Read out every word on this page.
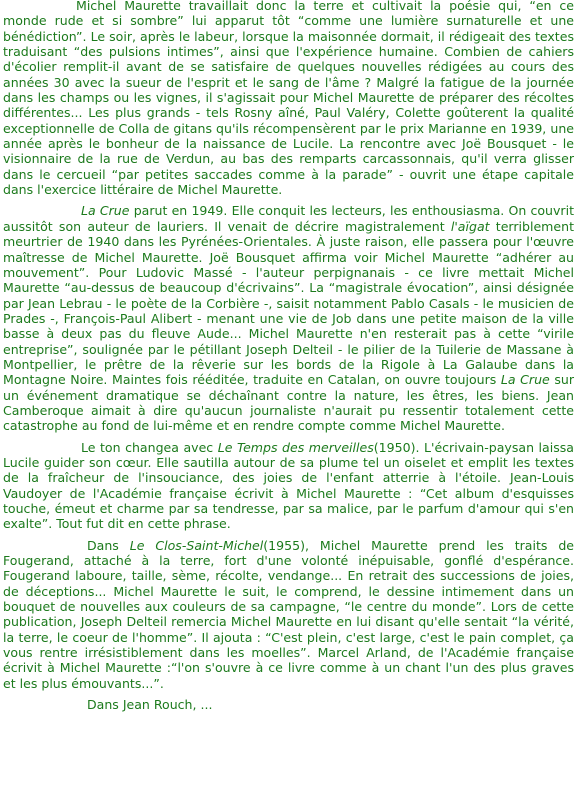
Michel Maurette travaillait donc la terre et cultivait la poésie qui, “en ce monde rude et si sombre” lui apparut tôt “comme une lumière surnaturelle et une bénédiction”. Le soir, après le labeur, lorsque la maisonnée dormait, il rédigeait des textes traduisant “des pulsions intimes”, ainsi que l'expérience humaine. Combien de cahiers d'écolier remplit-il avant de se satisfaire de quelques nouvelles rédigées au cours des années 30 avec la sueur de l'esprit et le sang de l'âme ? Malgré la fatigue de la journée dans les champs ou les vignes, il s'agissait pour Michel Maurette de préparer des récoltes différentes... Les plus grands - tels Rosny aîné, Paul Valéry, Colette goûterent la qualité exceptionnelle de Colla de gitans qu'ils récompensèrent par le prix Marianne en 1939, une année après le bonheur de la naissance de Lucile. La rencontre avec Joë Bousquet - le visionnaire de la rue de Verdun, au bas des remparts carcassonnais, qu'il verra glisser dans le cercueil “par petites saccades comme à la parade” - ouvrit une étape capitale dans l'exercice littéraire de Michel Maurette.

La Crue parut en 1949. Elle conquit les lecteurs, les enthousiasma. On couvrit aussitôt son auteur de lauriers. Il venait de décrire magistralement l'aïgat terriblement meurtrier de 1940 dans les Pyrénées-Orientales. À juste raison, elle passera pour l'œuvre maîtresse de Michel Maurette. Joë Bousquet affirma voir Michel Maurette “adhérer au mouvement”. Pour Ludovic Massé - l'auteur perpignanais - ce livre mettait Michel Maurette “au-dessus de beaucoup d'écrivains”. La “magistrale évocation”, ainsi désignée par Jean Lebrau - le poète de la Corbière -, saisit notamment Pablo Casals - le musicien de Prades -, François-Paul Alibert - menant une vie de Job dans une petite maison de la ville basse à deux pas du fleuve Aude... Michel Maurette n'en resterait pas à cette “virile entreprise”, soulignée par le pétillant Joseph Delteil - le pilier de la Tuilerie de Massane à Montpellier, le prêtre de la rêverie sur les bords de la Rigole à La Galaube dans la Montagne Noire. Maintes fois rééditée, traduite en Catalan, on ouvre toujours La Crue sur un événement dramatique se déchaînant contre la nature, les êtres, les biens. Jean Camberoque aimait à dire qu'aucun journaliste n'aurait pu ressentir totalement cette catastrophe au fond de lui-même et en rendre compte comme Michel Maurette.

Le ton changea avec Le Temps des merveilles(1950). L'écrivain-paysan laissa Lucile guider son cœur. Elle sautilla autour de sa plume tel un oiselet et emplit les textes de la fraîcheur de l'insouciance, des joies de l'enfant atterrie à l'étoile. Jean-Louis Vaudoyer de l'Académie française écrivit à Michel Maurette : “Cet album d'esquisses touche, émeut et charme par sa tendresse, par sa malice, par le parfum d'amour qui s'en exalte”. Tout fut dit en cette phrase.

Dans Le Clos-Saint-Michel(1955), Michel Maurette prend les traits de Fougerand, attaché à la terre, fort d'une volonté inépuisable, gonflé d'espérance. Fougerand laboure, taille, sème, récolte, vendange... En retrait des successions de joies, de déceptions... Michel Maurette le suit, le comprend, le dessine intimement dans un bouquet de nouvelles aux couleurs de sa campagne, “le centre du monde”. Lors de cette publication, Joseph Delteil remercia Michel Maurette en lui disant qu'elle sentait “la vérité, la terre, le coeur de l'homme”. Il ajouta : “C'est plein, c'est large, c'est le pain complet, ça vous rentre irrésistiblement dans les moelles”. Marcel Arland, de l'Académie française écrivit à Michel Maurette :“l'on s'ouvre à ce livre comme à un chant l'un des plus graves et les plus émouvants...”.

Dans Jean Rouch, ...
